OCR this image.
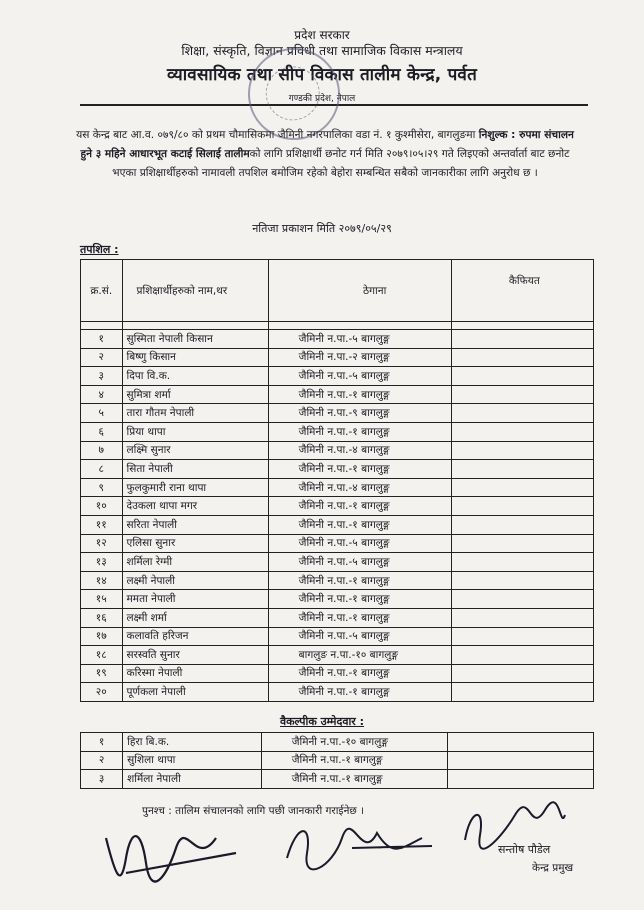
प्रदेश सरकार
शिक्षा, संस्कृति, विज्ञान प्रविधी तथा सामाजिक विकास मन्त्रालय
व्यावसायिक तथा सीप विकास तालीम केन्द्र, पर्वत
गण्डकी प्रदेश, नेपाल
यस केन्द्र बाट आ.व. ०७९/८० को प्रथम चौमासिकमा जैमिनी नगरपालिका वडा नं. १ कुश्मीसेरा, बागलुङमा निशुल्क : रुपमा संचालन हुने ३ महिने आधारभूत कटाई सिलाई तालीमको लागि प्रशिक्षार्थी छनोट गर्न मिति २०७९।०५।२९ गते लिइएको अन्तर्वार्ता बाट छनोट भएका प्रशिक्षार्थीहरुको नामावली तपशिल बमोजिम रहेको बेहोरा सम्बन्धित सबैको जानकारीका लागि अनुरोध छ ।
नतिजा प्रकाशन मिति २०७९/०५/२९
तपशिल :
क्र.सं.	प्रशिक्षार्थीहरुको नाम,थर	ठेगाना	कैफियत

१	सुस्मिता नेपाली किसान	जैमिनी न.पा.-५ बागलुङ्ग	
२	बिष्णु किसान	जैमिनी न.पा.-२ बागलुङ्ग	
३	दिपा वि.क.	जैमिनी न.पा.-५ बागलुङ्ग	
४	सुमित्रा शर्मा	जैमिनी न.पा.-१ बागलुङ्ग	
५	तारा गौतम नेपाली	जैमिनी न.पा.-९ बागलुङ्ग	
६	प्रिया थापा	जैमिनी न.पा.-१ बागलुङ्ग	
७	लक्ष्मि सुनार	जैमिनी न.पा.-४ बागलुङ्ग	
८	सिता नेपाली	जैमिनी न.पा.-१ बागलुङ्ग	
९	फुलकुमारी राना थापा	जैमिनी न.पा.-४ बागलुङ्ग	
१०	देउकला थापा मगर	जैमिनी न.पा.-१ बागलुङ्ग	
११	सरिता नेपाली	जैमिनी न.पा.-१ बागलुङ्ग	
१२	एलिसा सुनार	जैमिनी न.पा.-५ बागलुङ्ग	
१३	शर्मिला रेग्मी	जैमिनी न.पा.-५ बागलुङ्ग	
१४	लक्ष्मी नेपाली	जैमिनी न.पा.-१ बागलुङ्ग	
१५	ममता नेपाली	जैमिनी न.पा.-१ बागलुङ्ग	
१६	लक्ष्मी शर्मा	जैमिनी न.पा.-१ बागलुङ्ग	
१७	कलावति हरिजन	जैमिनी न.पा.-५ बागलुङ्ग	
१८	सरस्वति सुनार	बागलुङ न.पा.-१० बागलुङ्ग	
१९	करिस्मा नेपाली	जैमिनी न.पा.-१ बागलुङ्ग	
२०	पूर्णकला नेपाली	जैमिनी न.पा.-१ बागलुङ्ग	
वैकल्पीक उम्मेदवार :
१	हिरा बि.क.	जैमिनी न.पा.-१० बागलुङ्ग	
२	सुशिला थापा	जैमिनी न.पा.-१ बागलुङ्ग	
३	शर्मिला नेपाली	जैमिनी न.पा.-१ बागलुङ्ग	
पुनश्च : तालिम संचालनको लागि पछी जानकारी गराईनेछ ।
सन्तोष पौडेल
केन्द्र प्रमुख
